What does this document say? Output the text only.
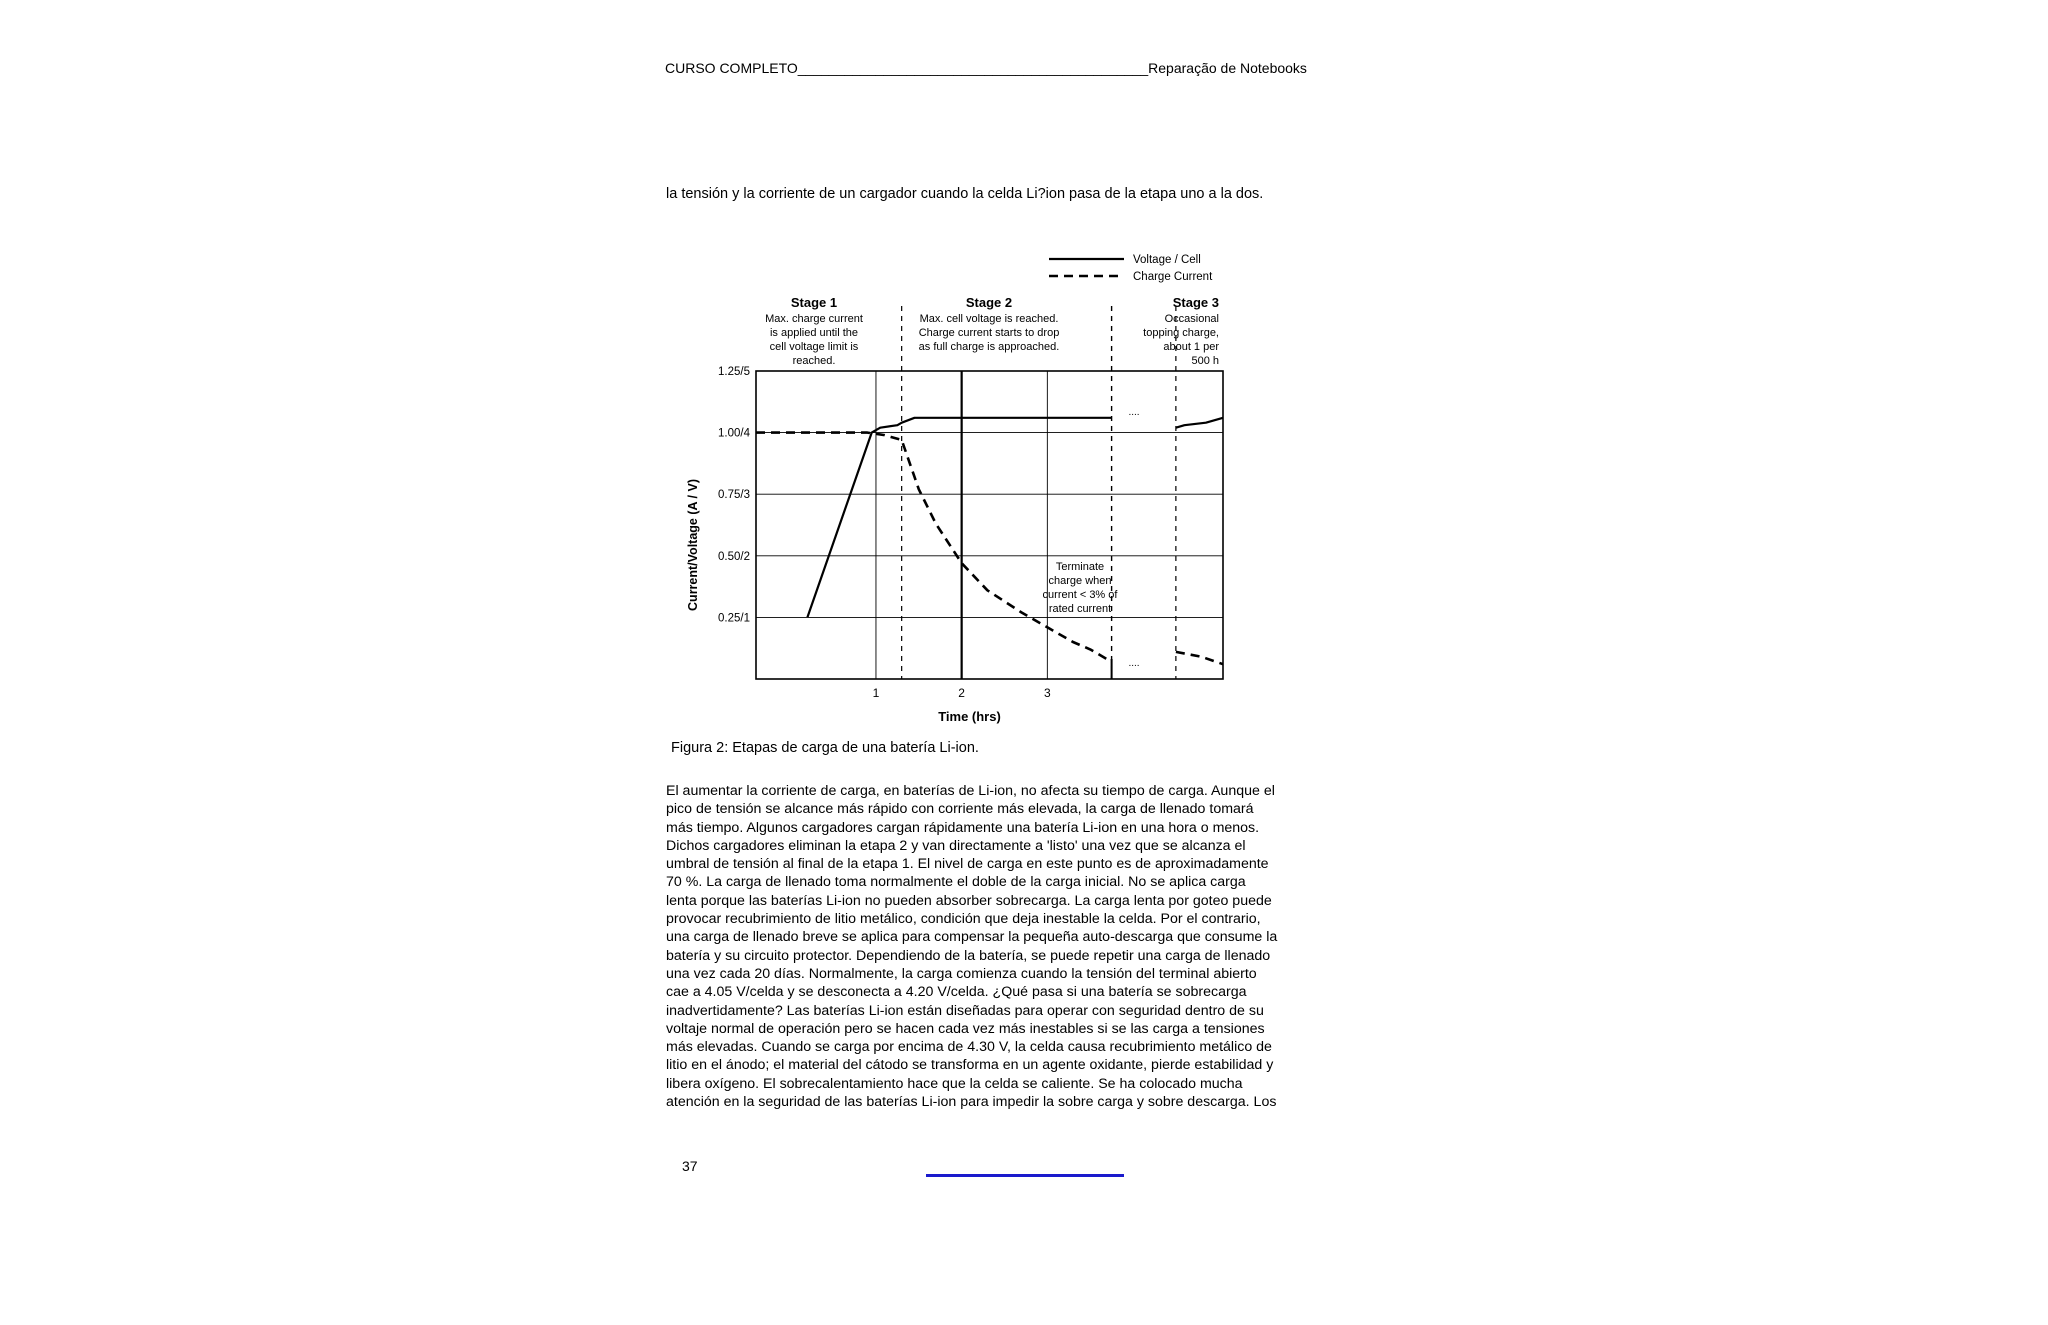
CURSO COMPLETO_____________________________________________Reparação de Notebooks
la tensión y la corriente de un cargador cuando la celda Li?ion pasa de la etapa uno a la dos.
0.25/1
0.50/2
0.75/3
1.00/4
1.25/5
1	2	3
Time (hrs)
Current/Voltage (A / V)
Voltage / Cell
Charge Current
Stage 1
Max. charge current
is applied until the
cell voltage limit is
reached.
Stage 2
Max. cell voltage is reached.
Charge current starts to drop
as full charge is approached.
Stage 3
Occasional
topping charge,
about 1 per
500 h
Terminate
charge when
current < 3% of
rated current
....
....
Figura 2: Etapas de carga de una batería Li-ion.
El aumentar la corriente de carga, en baterías de Li-ion, no afecta su tiempo de carga. Aunque el
pico de tensión se alcance más rápido con corriente más elevada, la carga de llenado tomará
más tiempo. Algunos cargadores cargan rápidamente una batería Li-ion en una hora o menos.
Dichos cargadores eliminan la etapa 2 y van directamente a 'listo' una vez que se alcanza el
umbral de tensión al final de la etapa 1. El nivel de carga en este punto es de aproximadamente
70 %. La carga de llenado toma normalmente el doble de la carga inicial. No se aplica carga
lenta porque las baterías Li-ion no pueden absorber sobrecarga. La carga lenta por goteo puede
provocar recubrimiento de litio metálico, condición que deja inestable la celda. Por el contrario,
una carga de llenado breve se aplica para compensar la pequeña auto-descarga que consume la
batería y su circuito protector. Dependiendo de la batería, se puede repetir una carga de llenado
una vez cada 20 días. Normalmente, la carga comienza cuando la tensión del terminal abierto
cae a 4.05 V/celda y se desconecta a 4.20 V/celda. ¿Qué pasa si una batería se sobrecarga
inadvertidamente? Las baterías Li-ion están diseñadas para operar con seguridad dentro de su
voltaje normal de operación pero se hacen cada vez más inestables si se las carga a tensiones
más elevadas. Cuando se carga por encima de 4.30 V, la celda causa recubrimiento metálico de
litio en el ánodo; el material del cátodo se transforma en un agente oxidante, pierde estabilidad y
libera oxígeno. El sobrecalentamiento hace que la celda se caliente. Se ha colocado mucha
atención en la seguridad de las baterías Li-ion para impedir la sobre carga y sobre descarga. Los
37
